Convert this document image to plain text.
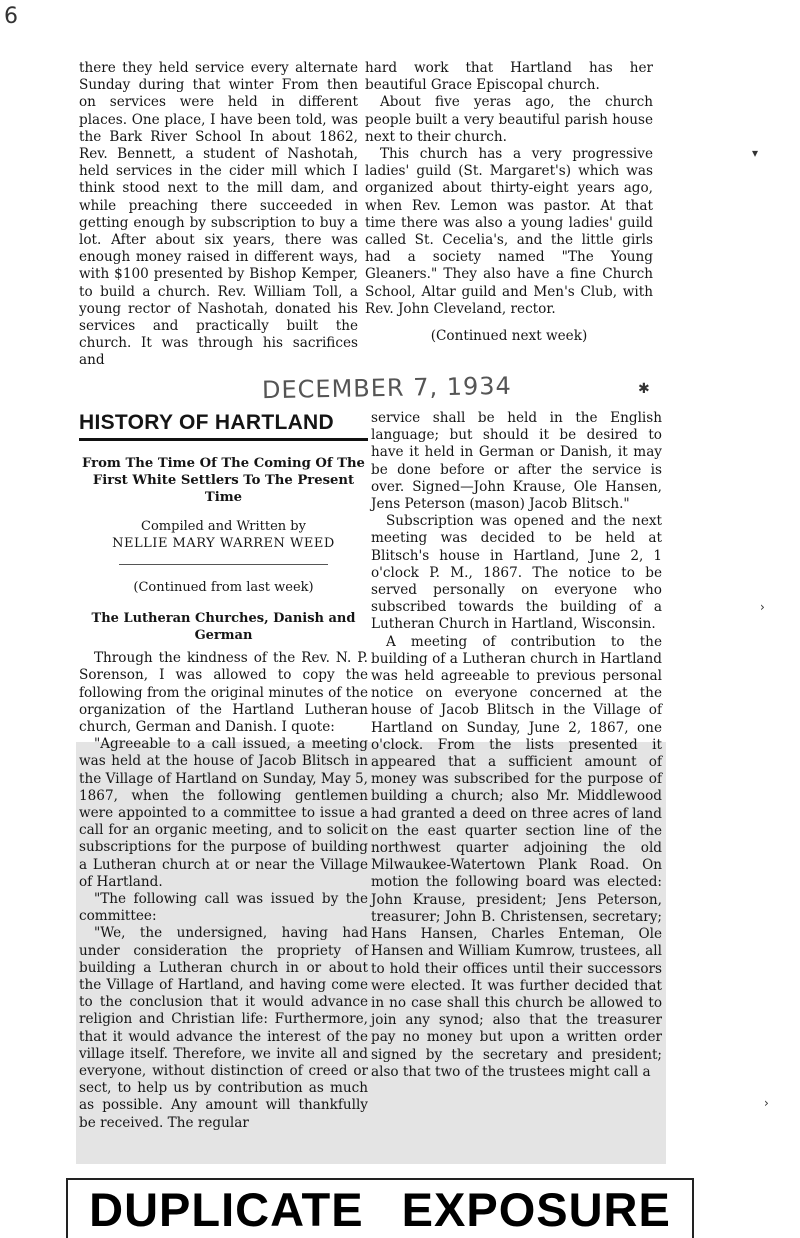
6

there they held service every alternate Sunday during that winter From then on services were held in different places. One place, I have been told, was the Bark River School In about 1862, Rev. Bennett, a student of Nashotah, held services in the cider mill which I think stood next to the mill dam, and while preaching there succeeded in getting enough by subscription to buy a lot. After about six years, there was enough money raised in different ways, with $100 presented by Bishop Kemper, to build a church. Rev. William Toll, a young rector of Nashotah, donated his services and practically built the church. It was through his sacrifices and

hard work that Hartland has her beautiful Grace Episcopal church.

About five yeras ago, the church people built a very beautiful parish house next to their church.

This church has a very progressive ladies' guild (St. Margaret's) which was organized about thirty-eight years ago, when Rev. Lemon was pastor. At that time there was also a young ladies' guild called St. Cecelia's, and the little girls had a society named "The Young Gleaners." They also have a fine Church School, Altar guild and Men's Club, with Rev. John Cleveland, rector.

(Continued next week)

DECEMBER 7, 1934	✱
HISTORY OF HARTLAND
From The Time Of The Coming Of The First White Settlers To The Present Time
Compiled and Written by
NELLIE MARY WARREN WEED
(Continued from last week)
The Lutheran Churches, Danish and German

Through the kindness of the Rev. N. P. Sorenson, I was allowed to copy the following from the original minutes of the organization of the Hartland Lutheran church, German and Danish. I quote:

"Agreeable to a call issued, a meeting was held at the house of Jacob Blitsch in the Village of Hartland on Sunday, May 5, 1867, when the following gentlemen were appointed to a committee to issue a call for an organic meeting, and to solicit subscriptions for the purpose of building a Lutheran church at or near the Village of Hartland.

"The following call was issued by the committee:

"We, the undersigned, having had under consideration the propriety of building a Lutheran church in or about the Village of Hartland, and having come to the conclusion that it would advance religion and Christian life: Furthermore, that it would advance the interest of the village itself. Therefore, we invite all and everyone, without distinction of creed or sect, to help us by contribution as much as possible. Any amount will thankfully be received. The regular

service shall be held in the English language; but should it be desired to have it held in German or Danish, it may be done before or after the service is over. Signed—John Krause, Ole Hansen, Jens Peterson (mason) Jacob Blitsch."

Subscription was opened and the next meeting was decided to be held at Blitsch's house in Hartland, June 2, 1 o'clock P. M., 1867. The notice to be served personally on everyone who subscribed towards the building of a Lutheran Church in Hartland, Wisconsin.

A meeting of contribution to the building of a Lutheran church in Hartland was held agreeable to previous personal notice on everyone concerned at the house of Jacob Blitsch in the Village of Hartland on Sunday, June 2, 1867, one o'clock. From the lists presented it appeared that a sufficient amount of money was subscribed for the purpose of building a church; also Mr. Middlewood had granted a deed on three acres of land on the east quarter section line of the northwest quarter adjoining the old Milwaukee-Watertown Plank Road. On motion the following board was elected: John Krause, president; Jens Peterson, treasurer; John B. Christensen, secretary; Hans Hansen, Charles Enteman, Ole Hansen and William Kumrow, trustees, all to hold their offices until their successors were elected. It was further decided that in no case shall this church be allowed to join any synod; also that the treasurer pay no money but upon a written order signed by the secretary and president; also that two of the trustees might call a

▾
›
›
DUPLICATE EXPOSURE
